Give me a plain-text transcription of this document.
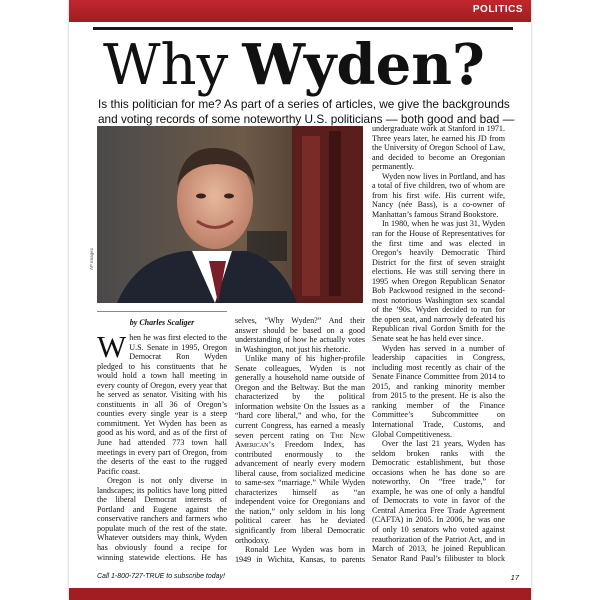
POLITICS
Why Wyden?
Is this politician for me? As part of a series of articles, we give the backgrounds and voting records of some noteworthy U.S. politicians — both good and bad —
AP Images
by Charles Scaliger

When he was first elected to the U.S. Senate in 1995, Oregon Democrat Ron Wyden pledged to his constituents that he would hold a town hall meeting in every county of Oregon, every year that he served as senator. Visiting with his constituents in all 36 of Oregon’s counties every single year is a steep commitment. Yet Wyden has been as good as his word, and as of the first of June had attended 773 town hall meetings in every part of Oregon, from the deserts of the east to the rugged Pacific coast.

Oregon is not only diverse in landscapes; its politics have long pitted the liberal Democrat interests of Portland and Eugene against the conservative ranchers and farmers who populate much of the rest of the state. Whatever outsiders may think, Wyden has obviously found a recipe for winning statewide elections. He has

selves, “Why Wyden?” And their answer should be based on a good understanding of how he actually votes in Washington, not just his rhetoric.

Unlike many of his higher-profile Senate colleagues, Wyden is not generally a household name outside of Oregon and the Beltway. But the man characterized by the political information website On the Issues as a “hard core liberal,” and who, for the current Congress, has earned a measly seven percent rating on The New American’s Freedom Index, has contributed enormously to the advancement of nearly every modern liberal cause, from socialized medicine to same-sex “marriage.” While Wyden characterizes himself as “an independent voice for Oregonians and the nation,” only seldom in his long political career has he deviated significantly from liberal Democratic orthodoxy.

Ronald Lee Wyden was born in 1949 in Wichita, Kansas, to parents

undergraduate work at Stanford in 1971. Three years later, he earned his JD from the University of Oregon School of Law, and decided to become an Oregonian permanently.

Wyden now lives in Portland, and has a total of five children, two of whom are from his first wife. His current wife, Nancy (née Bass), is a co-owner of Manhattan’s famous Strand Bookstore.

In 1980, when he was just 31, Wyden ran for the House of Representatives for the first time and was elected in Oregon’s heavily Democratic Third District for the first of seven straight elections. He was still serving there in 1995 when Oregon Republican Senator Bob Packwood resigned in the second-most notorious Washington sex scandal of the ’90s. Wyden decided to run for the open seat, and narrowly defeated his Republican rival Gordon Smith for the Senate seat he has held ever since.

Wyden has served in a number of leadership capacities in Congress, including most recently as chair of the Senate Finance Committee from 2014 to 2015, and ranking minority member from 2015 to the present. He is also the ranking member of the Finance Committee’s Subcommittee on International Trade, Customs, and Global Competitiveness.

Over the last 21 years, Wyden has seldom broken ranks with the Democratic establishment, but those occasions when he has done so are noteworthy. On “free trade,” for example, he was one of only a handful of Democrats to vote in favor of the Central America Free Trade Agreement (CAFTA) in 2005. In 2006, he was one of only 10 senators who voted against reauthorization of the Patriot Act, and in March of 2013, he joined Republican Senator Rand Paul’s filibuster to block

Call 1-800-727-TRUE to subscribe today!	17
